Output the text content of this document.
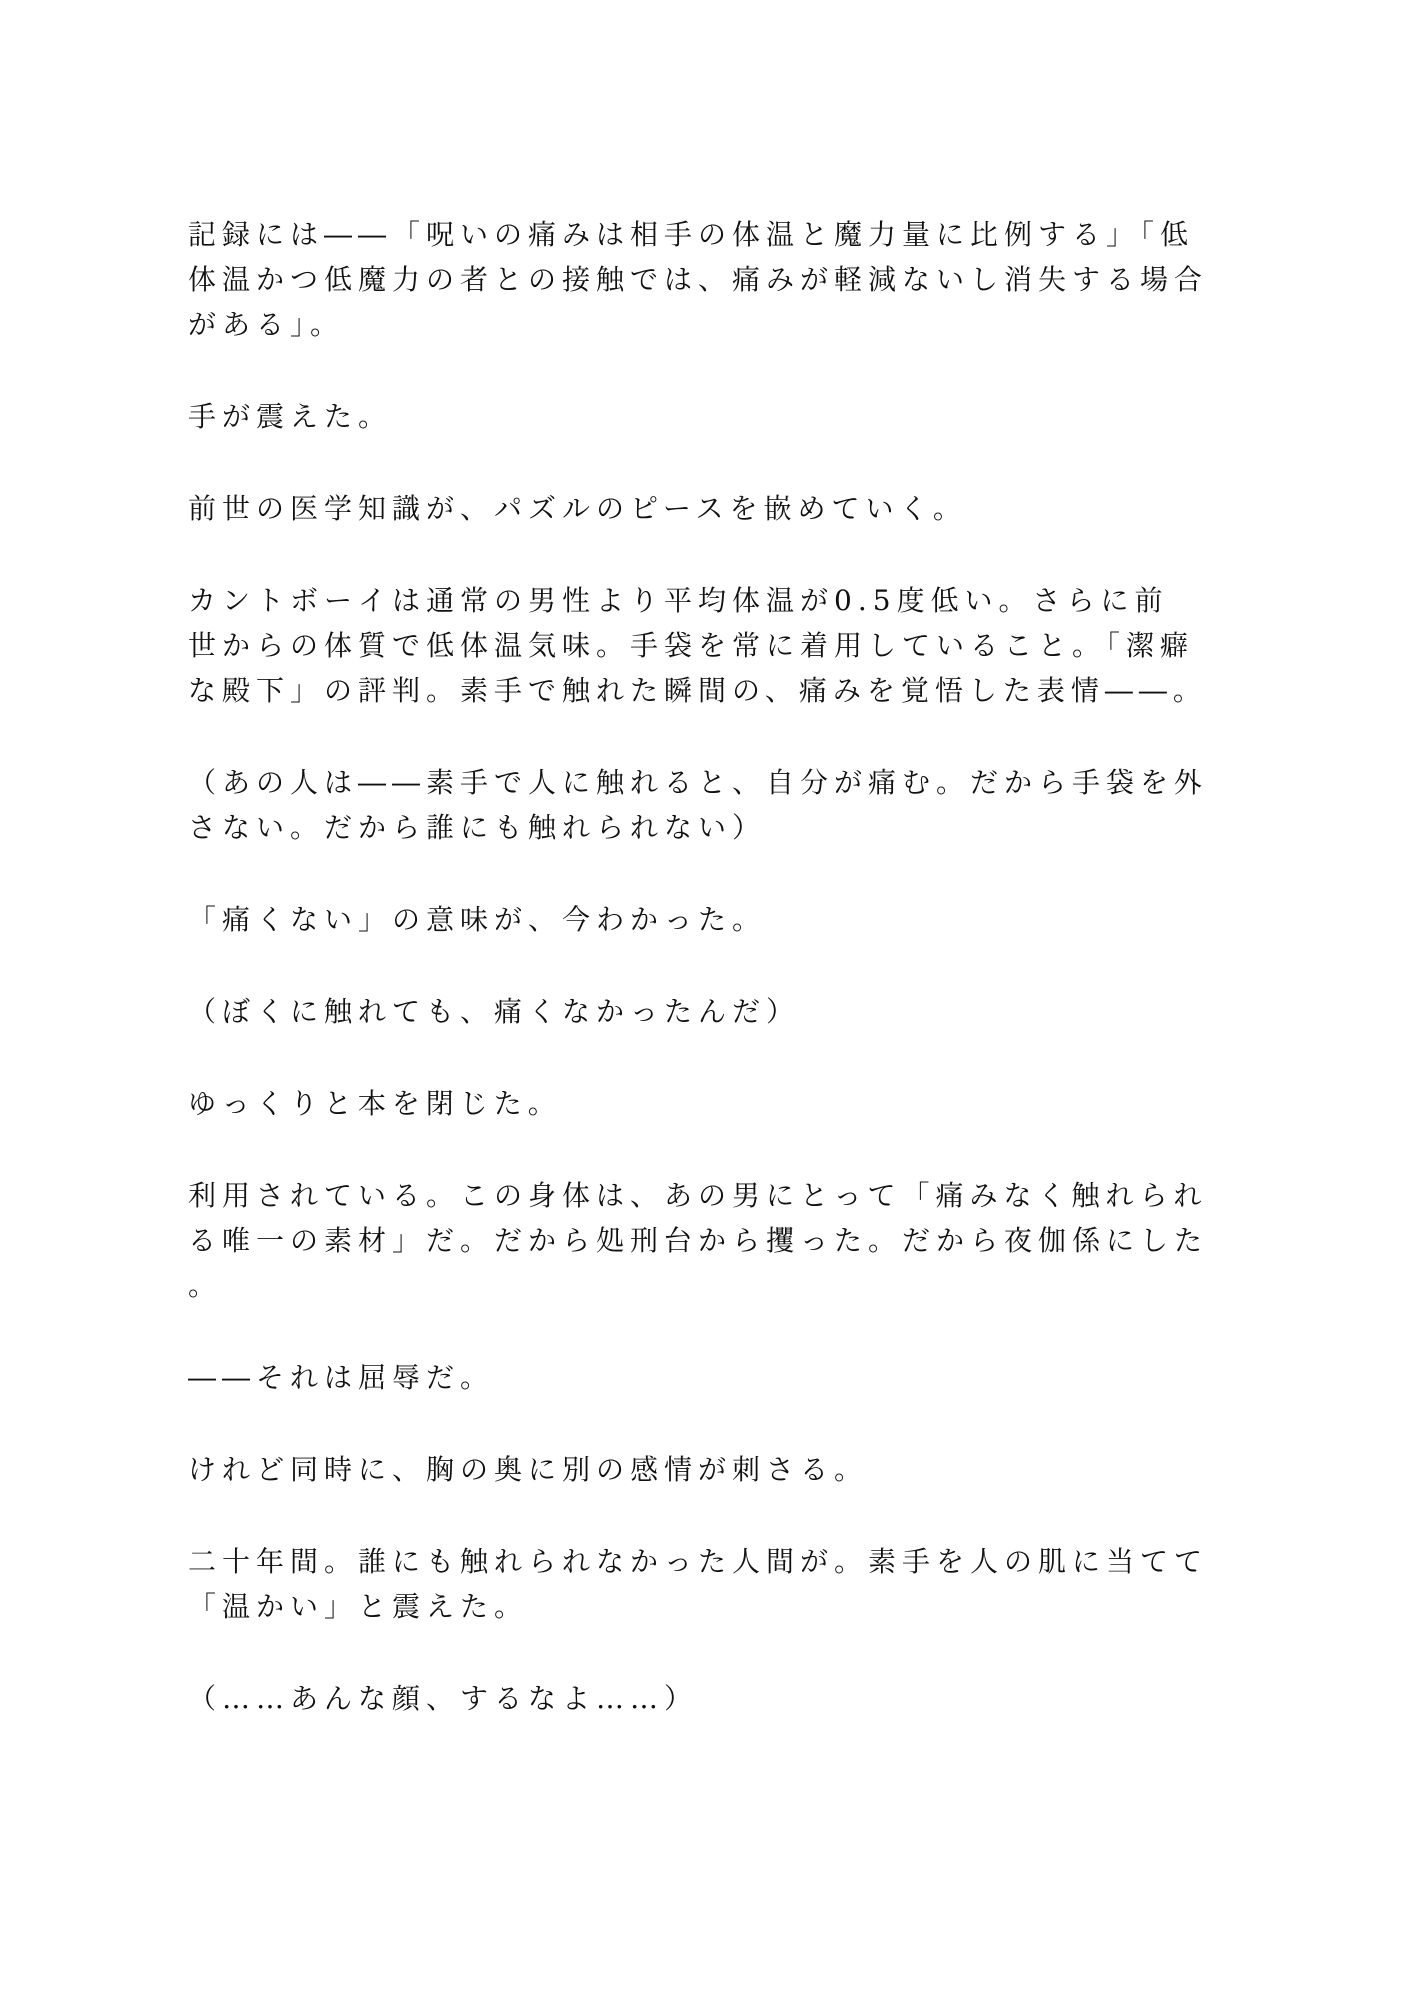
記録には――「呪いの痛みは相手の体温と魔力量に比例する」「低
体温かつ低魔力の者との接触では、痛みが軽減ないし消失する場合
がある」。
手が震えた。
前世の医学知識が、パズルのピースを嵌めていく。
カントボーイは通常の男性より平均体温が0.5度低い。さらに前
世からの体質で低体温気味。手袋を常に着用していること。「潔癖
な殿下」の評判。素手で触れた瞬間の、痛みを覚悟した表情――。
（あの人は――素手で人に触れると、自分が痛む。だから手袋を外
さない。だから誰にも触れられない）
「痛くない」の意味が、今わかった。
（ぼくに触れても、痛くなかったんだ）
ゆっくりと本を閉じた。
利用されている。この身体は、あの男にとって「痛みなく触れられ
る唯一の素材」だ。だから処刑台から攫った。だから夜伽係にした
。
――それは屈辱だ。
けれど同時に、胸の奥に別の感情が刺さる。
二十年間。誰にも触れられなかった人間が。素手を人の肌に当てて
「温かい」と震えた。
（……あんな顔、するなよ……）
